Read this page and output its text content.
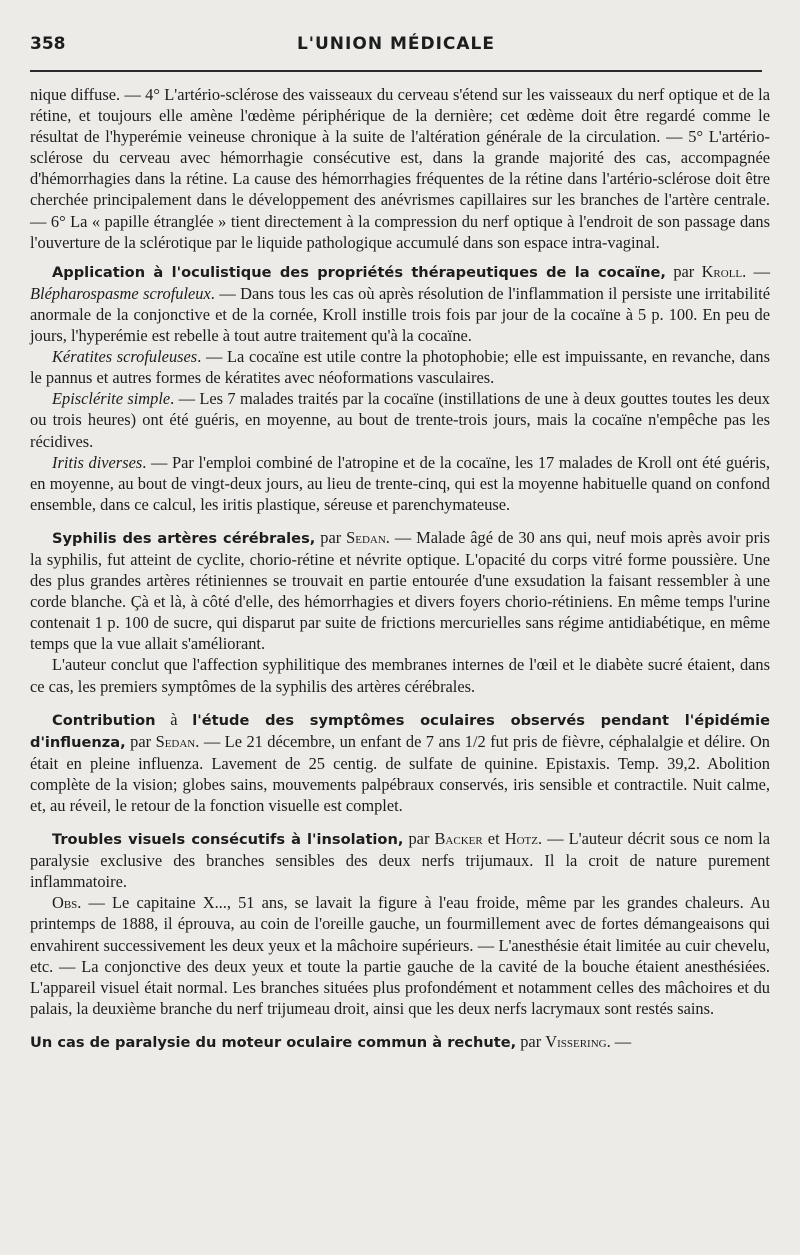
358	L'UNION MÉDICALE

nique diffuse. — 4° L'artério-sclérose des vaisseaux du cerveau s'étend sur les vaisseaux du nerf optique et de la rétine, et toujours elle amène l'œdème périphérique de la dernière; cet œdème doit être regardé comme le résultat de l'hyperémie veineuse chronique à la suite de l'altération générale de la circulation. — 5° L'artério-sclérose du cerveau avec hémorrhagie consécutive est, dans la grande majorité des cas, accompagnée d'hémorrhagies dans la rétine. La cause des hémorrhagies fréquentes de la rétine dans l'artério-sclérose doit être cherchée principalement dans le développement des anévrismes capillaires sur les branches de l'artère centrale. — 6° La « papille étranglée » tient directement à la compression du nerf optique à l'endroit de son passage dans l'ouverture de la sclérotique par le liquide pathologique accumulé dans son espace intra-vaginal.

Application à l'oculistique des propriétés thérapeutiques de la cocaïne, par Kroll. — Blépharospasme scrofuleux. — Dans tous les cas où après résolution de l'inflammation il persiste une irritabilité anormale de la conjonctive et de la cornée, Kroll instille trois fois par jour de la cocaïne à 5 p. 100. En peu de jours, l'hyperémie est rebelle à tout autre traitement qu'à la cocaïne.

Kératites scrofuleuses. — La cocaïne est utile contre la photophobie; elle est impuissante, en revanche, dans le pannus et autres formes de kératites avec néoformations vasculaires.

Episclérite simple. — Les 7 malades traités par la cocaïne (instillations de une à deux gouttes toutes les deux ou trois heures) ont été guéris, en moyenne, au bout de trente-trois jours, mais la cocaïne n'empêche pas les récidives.

Iritis diverses. — Par l'emploi combiné de l'atropine et de la cocaïne, les 17 malades de Kroll ont été guéris, en moyenne, au bout de vingt-deux jours, au lieu de trente-cinq, qui est la moyenne habituelle quand on confond ensemble, dans ce calcul, les iritis plastique, séreuse et parenchymateuse.

Syphilis des artères cérébrales, par Sedan. — Malade âgé de 30 ans qui, neuf mois après avoir pris la syphilis, fut atteint de cyclite, chorio-rétine et névrite optique. L'opacité du corps vitré forme poussière. Une des plus grandes artères rétiniennes se trouvait en partie entourée d'une exsudation la faisant ressembler à une corde blanche. Çà et là, à côté d'elle, des hémorrhagies et divers foyers chorio-rétiniens. En même temps l'urine contenait 1 p. 100 de sucre, qui disparut par suite de frictions mercurielles sans régime antidiabétique, en même temps que la vue allait s'améliorant.

L'auteur conclut que l'affection syphilitique des membranes internes de l'œil et le diabète sucré étaient, dans ce cas, les premiers symptômes de la syphilis des artères cérébrales.

Contribution à l'étude des symptômes oculaires observés pendant l'épidémie d'influenza, par Sedan. — Le 21 décembre, un enfant de 7 ans 1/2 fut pris de fièvre, céphalalgie et délire. On était en pleine influenza. Lavement de 25 centig. de sulfate de quinine. Epistaxis. Temp. 39,2. Abolition complète de la vision; globes sains, mouvements palpébraux conservés, iris sensible et contractile. Nuit calme, et, au réveil, le retour de la fonction visuelle est complet.

Troubles visuels consécutifs à l'insolation, par Backer et Hotz. — L'auteur décrit sous ce nom la paralysie exclusive des branches sensibles des deux nerfs trijumaux. Il la croit de nature purement inflammatoire.

Obs. — Le capitaine X..., 51 ans, se lavait la figure à l'eau froide, même par les grandes chaleurs. Au printemps de 1888, il éprouva, au coin de l'oreille gauche, un fourmillement avec de fortes démangeaisons qui envahirent successivement les deux yeux et la mâchoire supérieurs. — L'anesthésie était limitée au cuir chevelu, etc. — La conjonctive des deux yeux et toute la partie gauche de la cavité de la bouche étaient anesthésiées. L'appareil visuel était normal. Les branches situées plus profondément et notamment celles des mâchoires et du palais, la deuxième branche du nerf trijumeau droit, ainsi que les deux nerfs lacrymaux sont restés sains.

Un cas de paralysie du moteur oculaire commun à rechute, par Vissering. —
